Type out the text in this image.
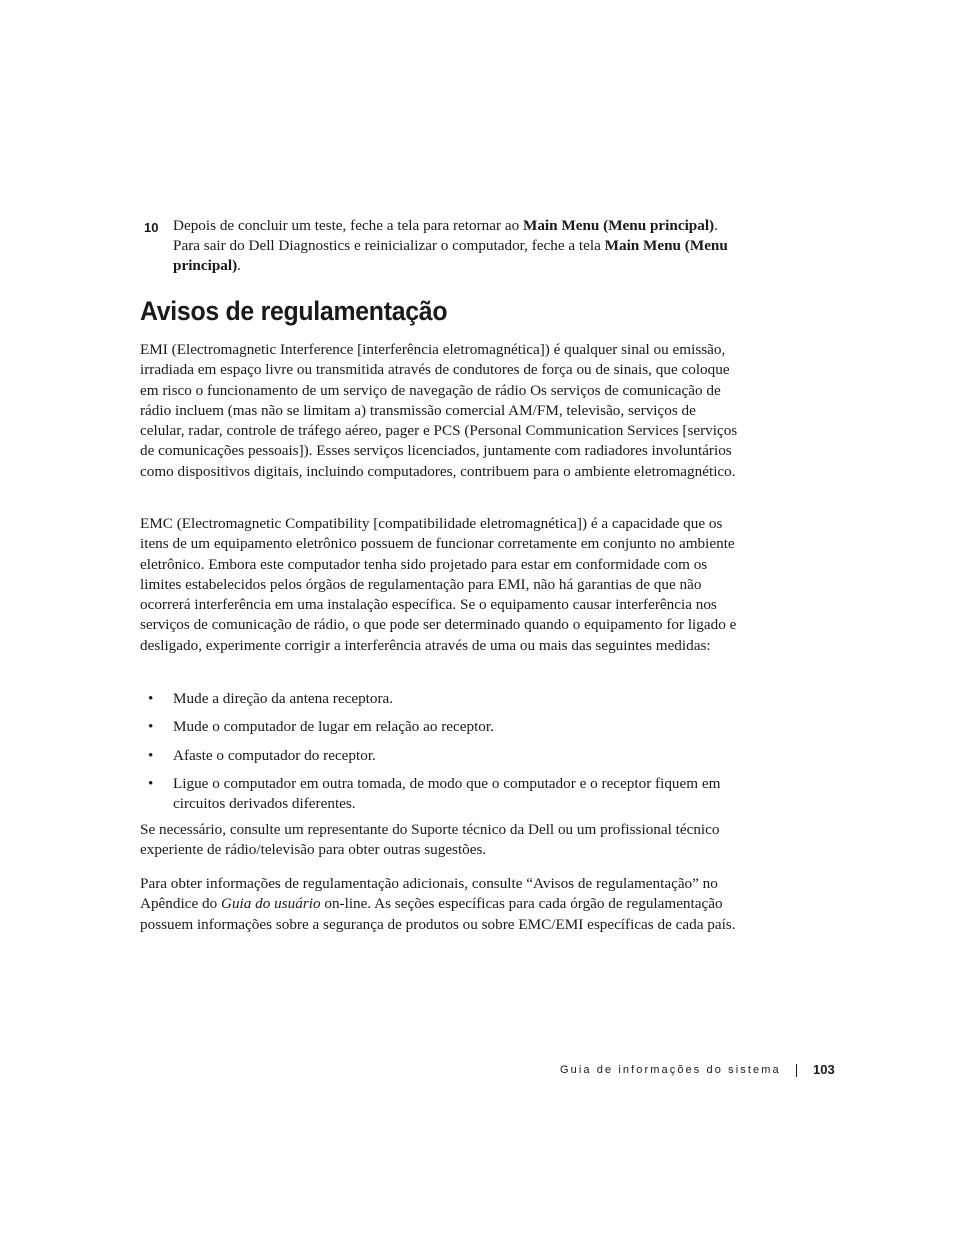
10 Depois de concluir um teste, feche a tela para retornar ao Main Menu (Menu principal). Para sair do Dell Diagnostics e reinicializar o computador, feche a tela Main Menu (Menu principal).
Avisos de regulamentação

EMI (Electromagnetic Interference [interferência eletromagnética]) é qualquer sinal ou emissão, irradiada em espaço livre ou transmitida através de condutores de força ou de sinais, que coloque em risco o funcionamento de um serviço de navegação de rádio Os serviços de comunicação de rádio incluem (mas não se limitam a) transmissão comercial AM/FM, televisão, serviços de celular, radar, controle de tráfego aéreo, pager e PCS (Personal Communication Services [serviços de comunicações pessoais]). Esses serviços licenciados, juntamente com radiadores involuntários como dispositivos digitais, incluindo computadores, contribuem para o ambiente eletromagnético.

EMC (Electromagnetic Compatibility [compatibilidade eletromagnética]) é a capacidade que os itens de um equipamento eletrônico possuem de funcionar corretamente em conjunto no ambiente eletrônico. Embora este computador tenha sido projetado para estar em conformidade com os limites estabelecidos pelos órgãos de regulamentação para EMI, não há garantias de que não ocorrerá interferência em uma instalação específica. Se o equipamento causar interferência nos serviços de comunicação de rádio, o que pode ser determinado quando o equipamento for ligado e desligado, experimente corrigir a interferência através de uma ou mais das seguintes medidas:

• Mude a direção da antena receptora.
• Mude o computador de lugar em relação ao receptor.
• Afaste o computador do receptor.
• Ligue o computador em outra tomada, de modo que o computador e o receptor fiquem em circuitos derivados diferentes.

Se necessário, consulte um representante do Suporte técnico da Dell ou um profissional técnico experiente de rádio/televisão para obter outras sugestões.

Para obter informações de regulamentação adicionais, consulte “Avisos de regulamentação” no Apêndice do Guia do usuário on-line. As seções específicas para cada órgão de regulamentação possuem informações sobre a segurança de produtos ou sobre EMC/EMI específicas de cada país.

Guia de informações do sistema 103
